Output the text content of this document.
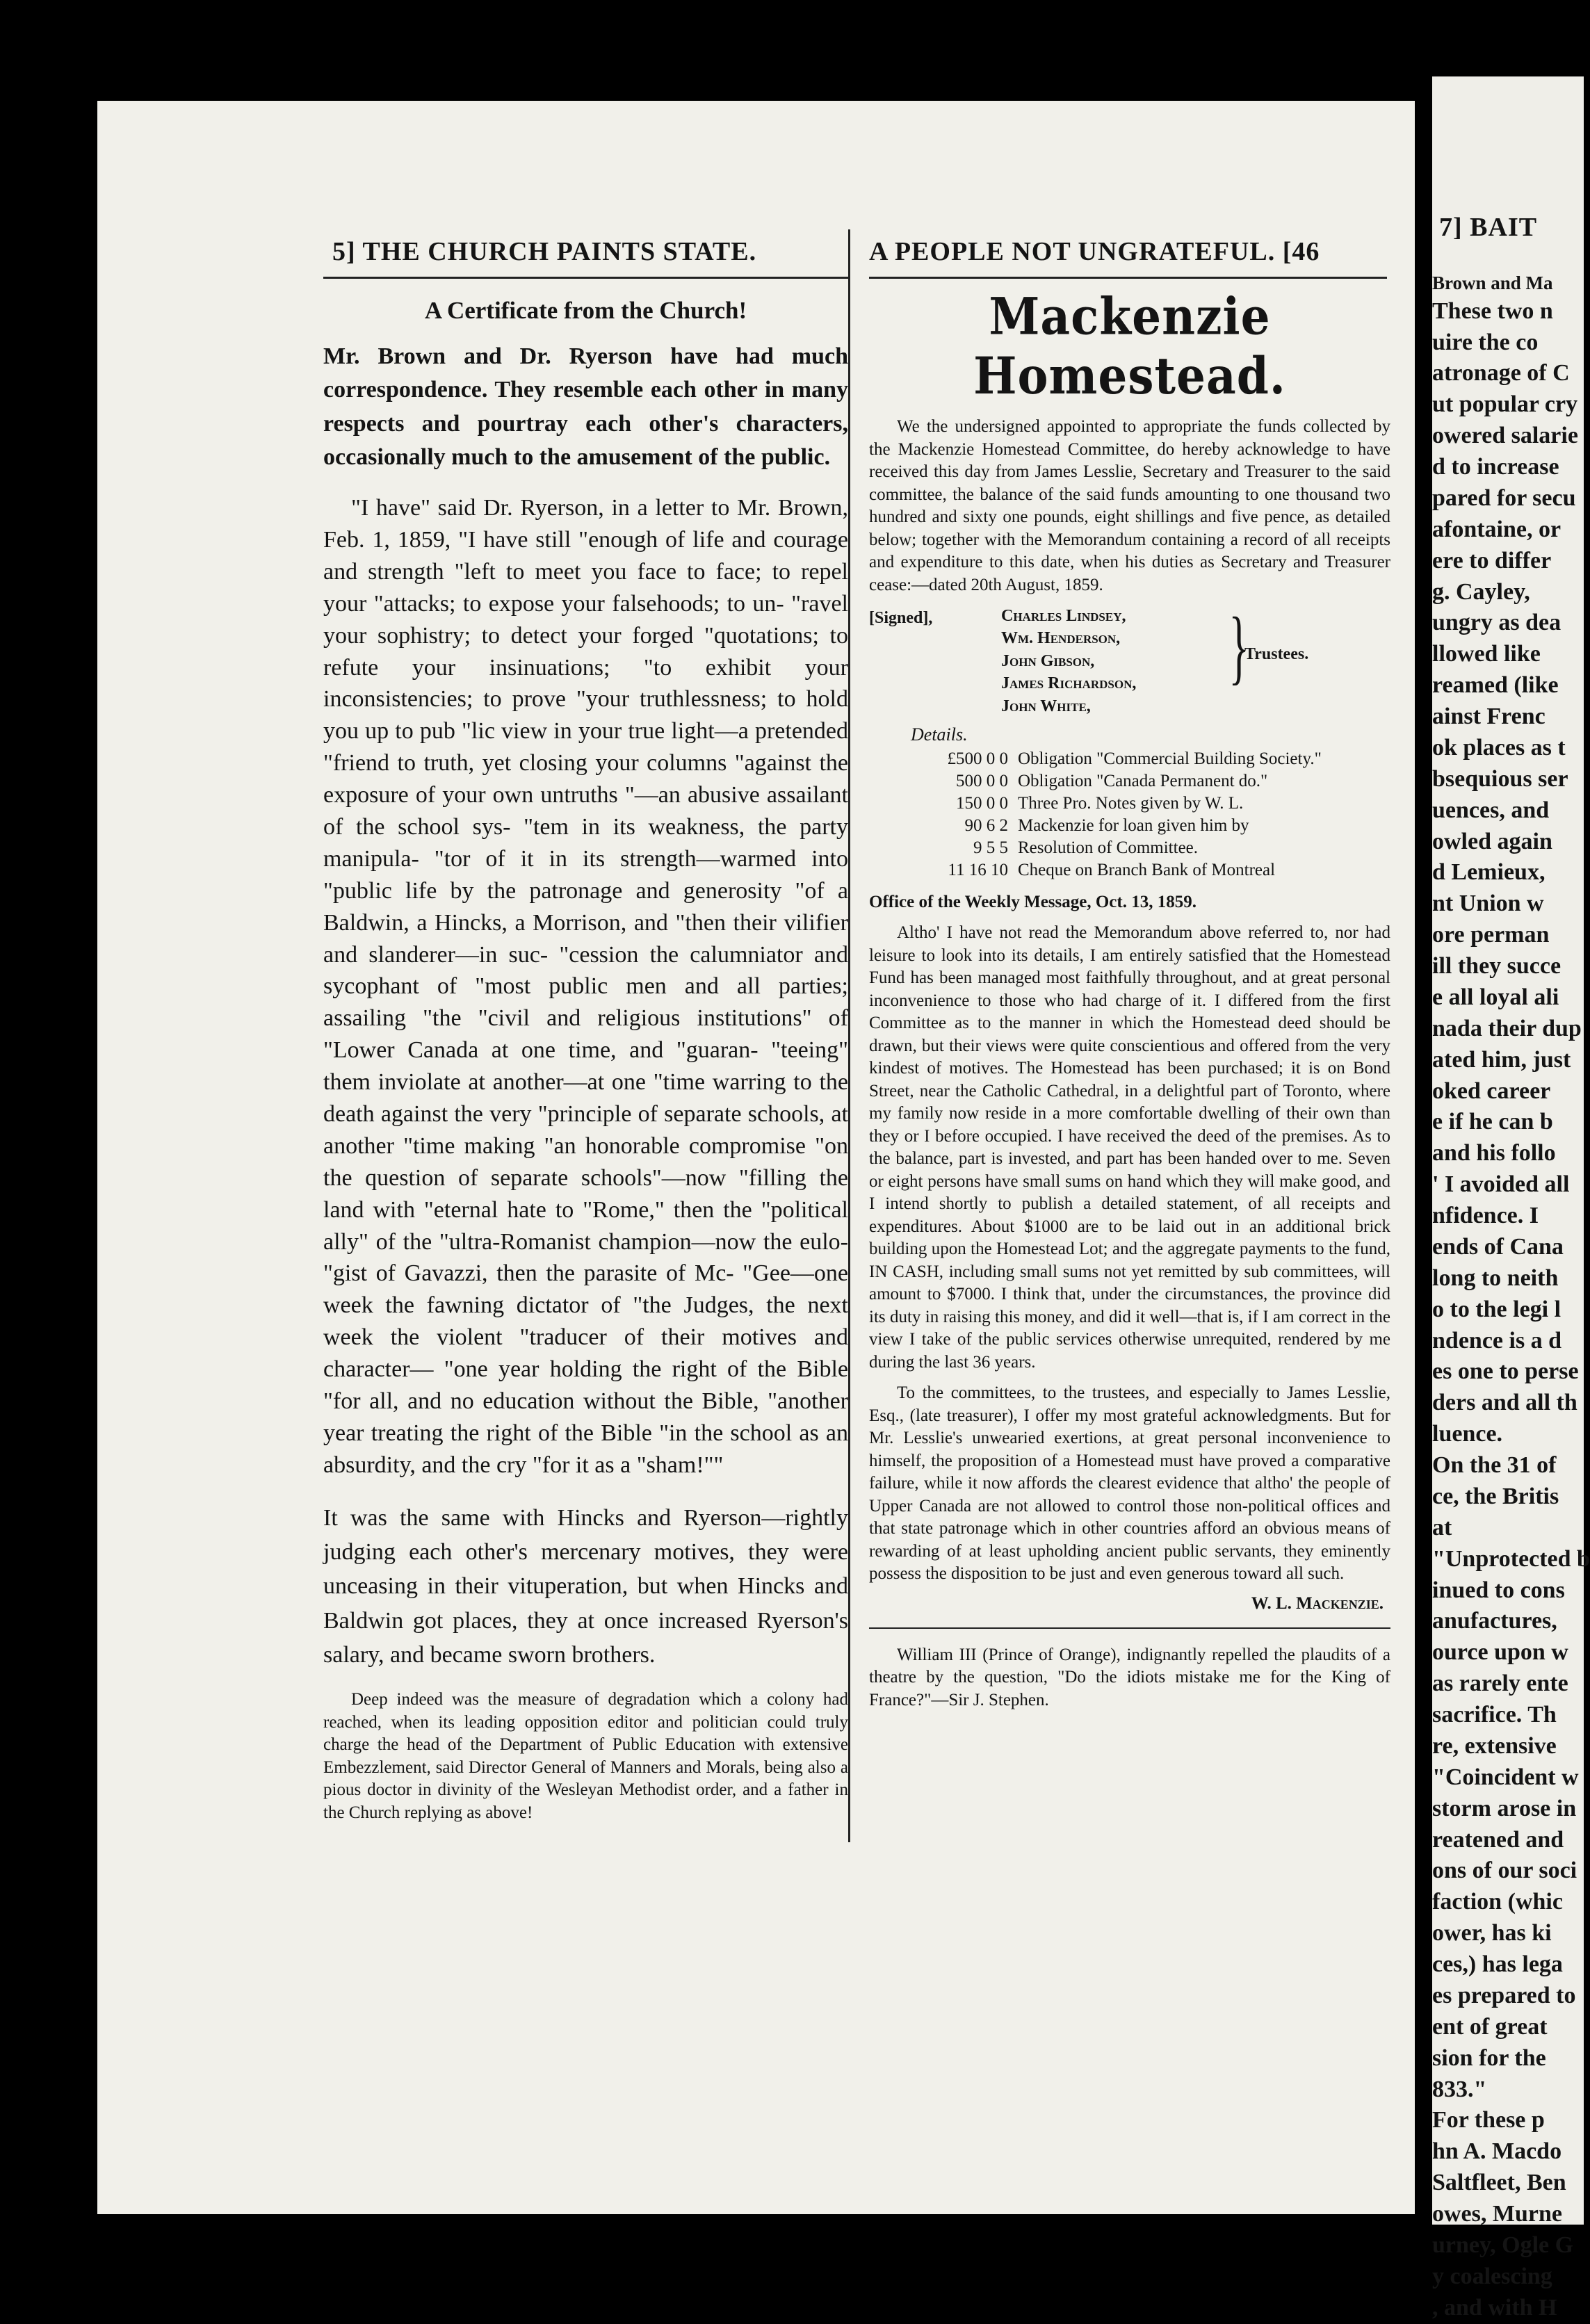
5] THE CHURCH PAINTS STATE.	A PEOPLE NOT UNGRATEFUL. [46
7] BAIT
A Certificate from the Church!

Mr. Brown and Dr. Ryerson have had much correspondence. They resemble each other in many respects and pourtray each other's characters, occasionally much to the amusement of the public.

"I have" said Dr. Ryerson, in a letter to Mr. Brown, Feb. 1, 1859, "I have still "enough of life and courage and strength "left to meet you face to face; to repel your "attacks; to expose your falsehoods; to un- "ravel your sophistry; to detect your forged "quotations; to refute your insinuations; "to exhibit your inconsistencies; to prove "your truthlessness; to hold you up to pub "lic view in your true light—a pretended "friend to truth, yet closing your columns "against the exposure of your own untruths "—an abusive assailant of the school sys- "tem in its weakness, the party manipula- "tor of it in its strength—warmed into "public life by the patronage and generosity "of a Baldwin, a Hincks, a Morrison, and "then their vilifier and slanderer—in suc- "cession the calumniator and sycophant of "most public men and all parties; assailing "the "civil and religious institutions" of "Lower Canada at one time, and "guaran- "teeing" them inviolate at another—at one "time warring to the death against the very "principle of separate schools, at another "time making "an honorable compromise "on the question of separate schools"—now "filling the land with "eternal hate to "Rome," then the "political ally" of the "ultra-Romanist champion—now the eulo- "gist of Gavazzi, then the parasite of Mc- "Gee—one week the fawning dictator of "the Judges, the next week the violent "traducer of their motives and character— "one year holding the right of the Bible "for all, and no education without the Bible, "another year treating the right of the Bible "in the school as an absurdity, and the cry "for it as a "sham!""

It was the same with Hincks and Ryerson—rightly judging each other's mercenary motives, they were unceasing in their vituperation, but when Hincks and Baldwin got places, they at once increased Ryerson's salary, and became sworn brothers.

Deep indeed was the measure of degradation which a colony had reached, when its leading opposition editor and politician could truly charge the head of the Department of Public Education with extensive Embezzlement, said Director General of Manners and Morals, being also a pious doctor in divinity of the Wesleyan Methodist order, and a father in the Church replying as above!

Mackenzie Homestead.

We the undersigned appointed to appropriate the funds collected by the Mackenzie Homestead Committee, do hereby acknowledge to have received this day from James Lesslie, Secretary and Treasurer to the said committee, the balance of the said funds amounting to one thousand two hundred and sixty one pounds, eight shillings and five pence, as detailed below; together with the Memorandum containing a record of all receipts and expenditure to this date, when his duties as Secretary and Treasurer cease:—dated 20th August, 1859.

[Signed],	Charles Lindsey,
Wm. Henderson,
John Gibson,
James Richardson,
John White,
}
Trustees.
Details.
£500 0 0 Obligation "Commercial Building Society."
500 0 0 Obligation "Canada Permanent do."
150 0 0 Three Pro. Notes given by W. L.
90 6 2 Mackenzie for loan given him by
9 5 5 Resolution of Committee.
11 16 10 Cheque on Branch Bank of Montreal

Office of the Weekly Message, Oct. 13, 1859.

Altho' I have not read the Memorandum above referred to, nor had leisure to look into its details, I am entirely satisfied that the Homestead Fund has been managed most faithfully throughout, and at great personal inconvenience to those who had charge of it. I differed from the first Committee as to the manner in which the Homestead deed should be drawn, but their views were quite conscientious and offered from the very kindest of motives. The Homestead has been purchased; it is on Bond Street, near the Catholic Cathedral, in a delightful part of Toronto, where my family now reside in a more comfortable dwelling of their own than they or I before occupied. I have received the deed of the premises. As to the balance, part is invested, and part has been handed over to me. Seven or eight persons have small sums on hand which they will make good, and I intend shortly to publish a detailed statement, of all receipts and expenditures. About $1000 are to be laid out in an additional brick building upon the Homestead Lot; and the aggregate payments to the fund, IN CASH, including small sums not yet remitted by sub committees, will amount to $7000. I think that, under the circumstances, the province did its duty in raising this money, and did it well—that is, if I am correct in the view I take of the public services otherwise unrequited, rendered by me during the last 36 years.

To the committees, to the trustees, and especially to James Lesslie, Esq., (late treasurer), I offer my most grateful acknowledgments. But for Mr. Lesslie's unwearied exertions, at great personal inconvenience to himself, the proposition of a Homestead must have proved a comparative failure, while it now affords the clearest evidence that altho' the people of Upper Canada are not allowed to control those non-political offices and that state patronage which in other countries afford an obvious means of rewarding of at least upholding ancient public servants, they eminently possess the disposition to be just and even generous toward all such.

W. L. Mackenzie.

William III (Prince of Orange), indignantly repelled the plaudits of a theatre by the question, "Do the idiots mistake me for the King of France?"—Sir J. Stephen.

Brown and Ma
These two n
uire the co
atronage of C
ut popular cry
owered salarie
d to increase
pared for secu
afontaine, or
ere to differ
g. Cayley,
ungry as dea
llowed like
reamed (like
ainst Frenc
ok places as t
bsequious ser
uences, and
owled again
d Lemieux,
nt Union w
ore perman
ill they succe
e all loyal ali
nada their dup
ated him, just
oked career
e if he can b
and his follo
' I avoided all
nfidence. I
ends of Cana
long to neith
o to the legi l
ndence is a d
es one to perse
ders and all th
luence.
On the 31 of
ce, the Britis
at
"Unprotected b
inued to cons
anufactures,
ource upon w
as rarely ente
sacrifice. Th
re, extensive
"Coincident w
storm arose in
reatened and
ons of our soci
faction (whic
ower, has ki
ces,) has lega
es prepared to
ent of great
sion for the
833."
For these p
hn A. Macdo
Saltfleet, Ben
owes, Murne
urney, Ogle G
y coalescing
, and with H
